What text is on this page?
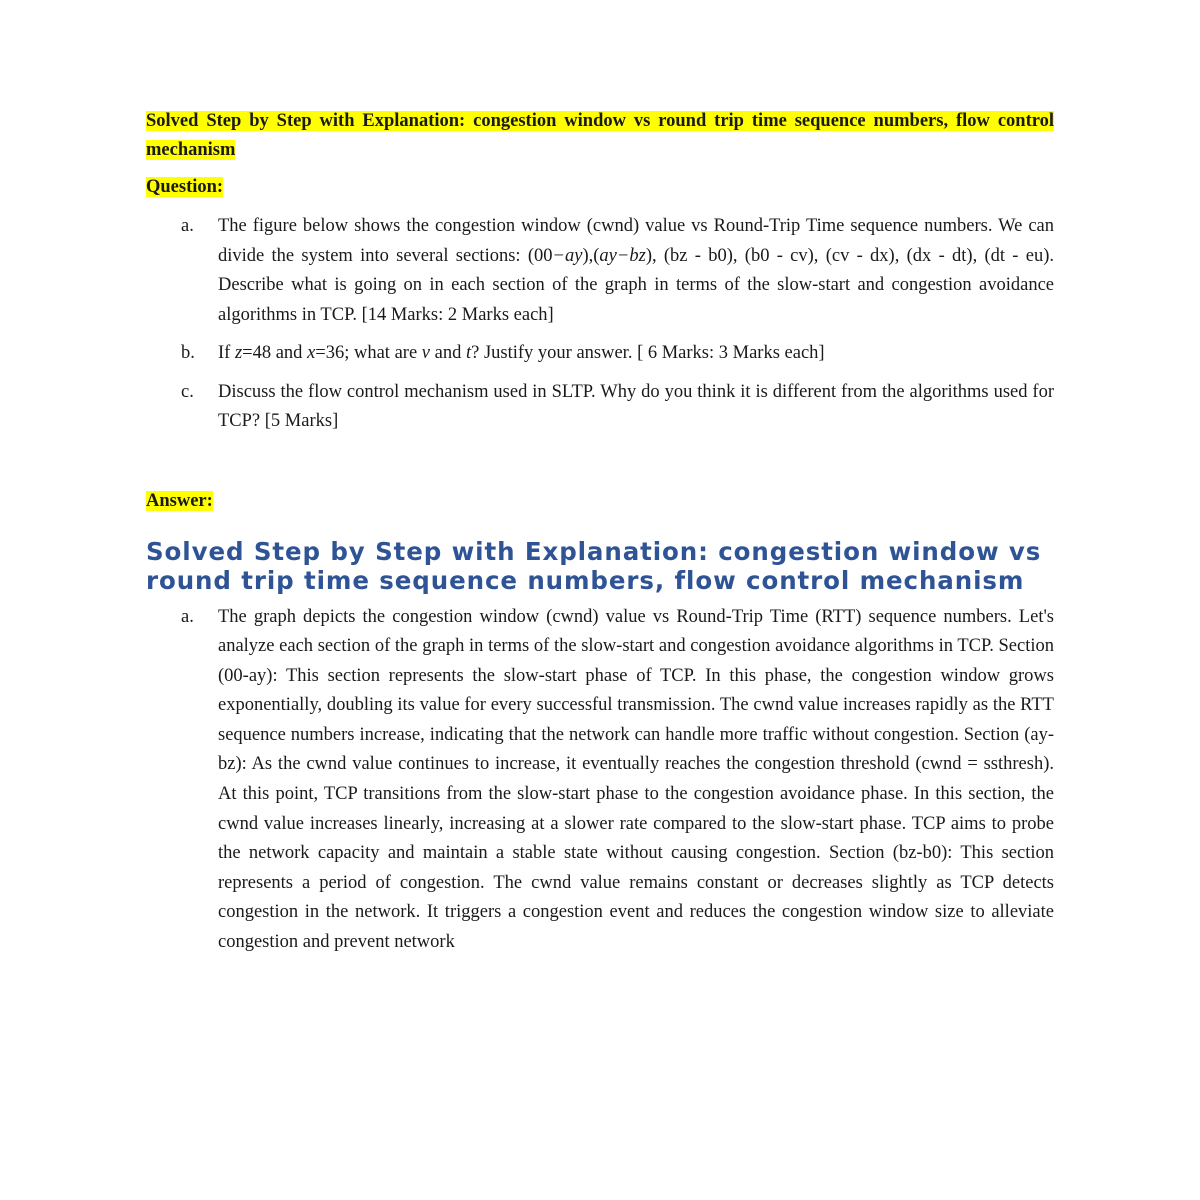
Solved Step by Step with Explanation: congestion window vs round trip time sequence numbers, flow control mechanism

Question:

a. The figure below shows the congestion window (cwnd) value vs Round-Trip Time sequence numbers. We can divide the system into several sections: (00−ay),(ay−bz), (bz - b0), (b0 - cv), (cv - dx), (dx - dt), (dt - eu). Describe what is going on in each section of the graph in terms of the slow-start and congestion avoidance algorithms in TCP. [14 Marks: 2 Marks each]
b. If z=48 and x=36; what are v and t? Justify your answer. [ 6 Marks: 3 Marks each]
c. Discuss the flow control mechanism used in SLTP. Why do you think it is different from the algorithms used for TCP? [5 Marks]

Answer:

Solved Step by Step with Explanation: congestion window vs round trip time sequence numbers, flow control mechanism
a. The graph depicts the congestion window (cwnd) value vs Round-Trip Time (RTT) sequence numbers. Let's analyze each section of the graph in terms of the slow-start and congestion avoidance algorithms in TCP. Section (00-ay): This section represents the slow-start phase of TCP. In this phase, the congestion window grows exponentially, doubling its value for every successful transmission. The cwnd value increases rapidly as the RTT sequence numbers increase, indicating that the network can handle more traffic without congestion. Section (ay-bz): As the cwnd value continues to increase, it eventually reaches the congestion threshold (cwnd = ssthresh). At this point, TCP transitions from the slow-start phase to the congestion avoidance phase. In this section, the cwnd value increases linearly, increasing at a slower rate compared to the slow-start phase. TCP aims to probe the network capacity and maintain a stable state without causing congestion. Section (bz-b0): This section represents a period of congestion. The cwnd value remains constant or decreases slightly as TCP detects congestion in the network. It triggers a congestion event and reduces the congestion window size to alleviate congestion and prevent network
